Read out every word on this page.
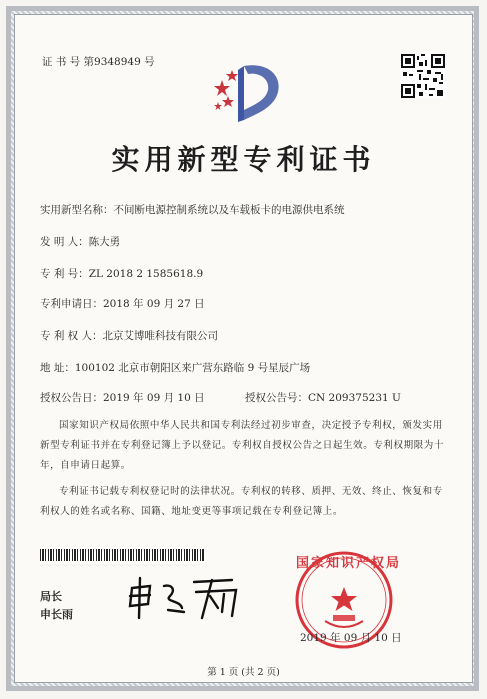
证 书 号 第9348949 号
实用新型专利证书
实用新型名称：不间断电源控制系统以及车载板卡的电源供电系统
发 明 人：陈大勇
专 利 号：ZL 2018 2 1585618.9
专利申请日：2018 年 09 月 27 日
专 利 权 人：北京艾博唯科技有限公司
地 址：100102 北京市朝阳区来广营东路临 9 号星辰广场
授权公告日：2019 年 09 月 10 日	授权公告号：CN 209375231 U
国家知识产权局依照中华人民共和国专利法经过初步审查，决定授予专利权，颁发实用新型专利证书并在专利登记簿上予以登记。专利权自授权公告之日起生效。专利权期限为十年，自申请日起算。
专利证书记载专利权登记时的法律状况。专利权的转移、质押、无效、终止、恢复和专利权人的姓名或名称、国籍、地址变更等事项记载在专利登记簿上。
局长
申长雨
国家知识产权局
2019 年 09 月 10 日
第 1 页 (共 2 页)
